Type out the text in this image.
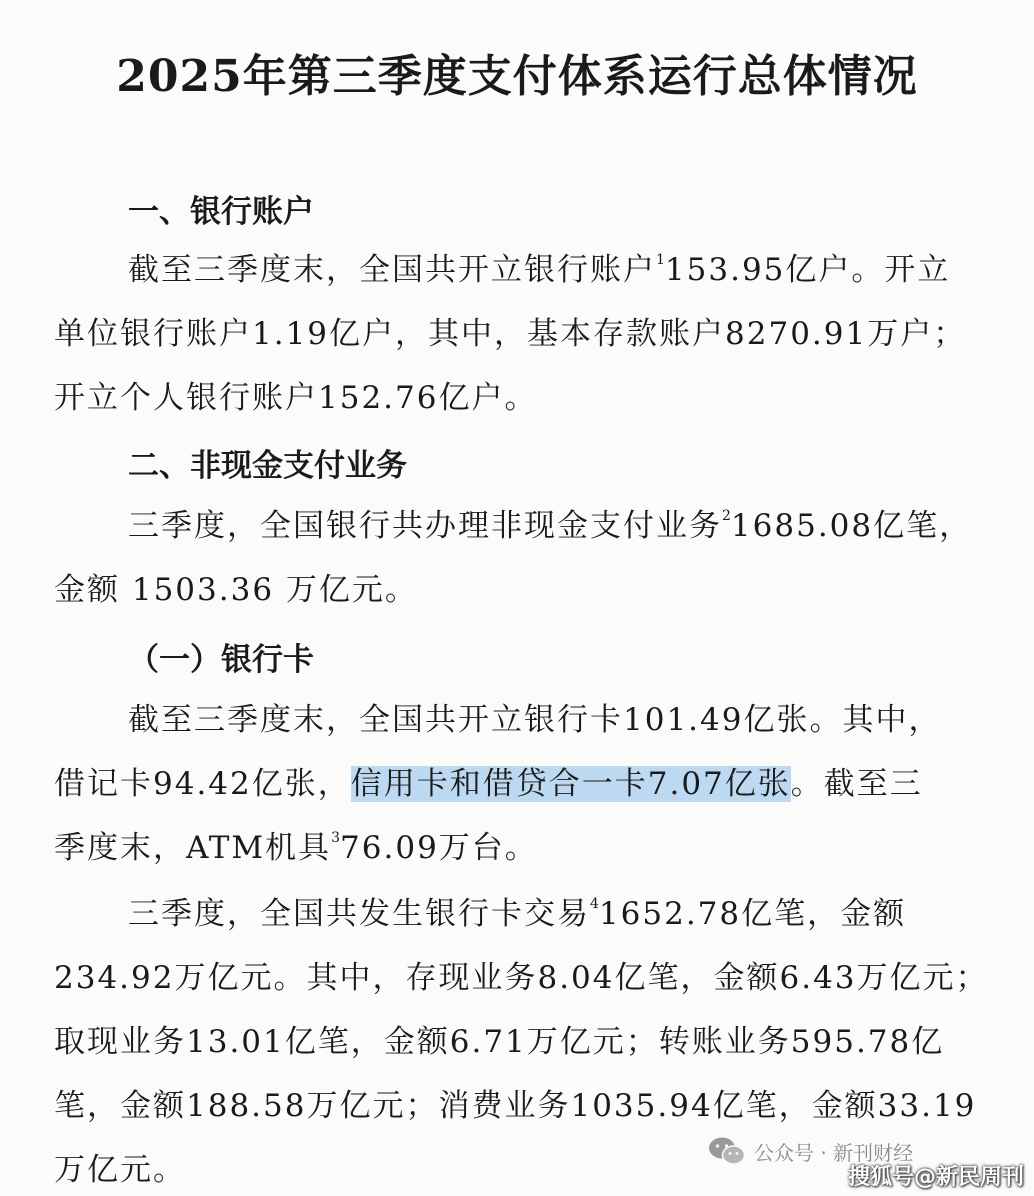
2025年第三季度支付体系运行总体情况
一、银行账户
截至三季度末，全国共开立银行账户$^1$153.95亿户。开立
单位银行账户1.19亿户，其中，基本存款账户8270.91万户；
开立个人银行账户152.76亿户。
二、非现金支付业务
三季度，全国银行共办理非现金支付业务$^2$1685.08亿笔，
金额 1503.36 万亿元。
（一）银行卡
截至三季度末，全国共开立银行卡101.49亿张。其中，
借记卡94.42亿张，信用卡和借贷合一卡7.07亿张。截至三
季度末，ATM机具$^3$76.09万台。
三季度，全国共发生银行卡交易$^4$1652.78亿笔，金额
234.92万亿元。其中，存现业务8.04亿笔，金额6.43万亿元；
取现业务13.01亿笔，金额6.71万亿元；转账业务595.78亿
笔，金额188.58万亿元；消费业务1035.94亿笔，金额33.19
万亿元。	公众号 · 新刊财经
搜狐号@新民周刊
